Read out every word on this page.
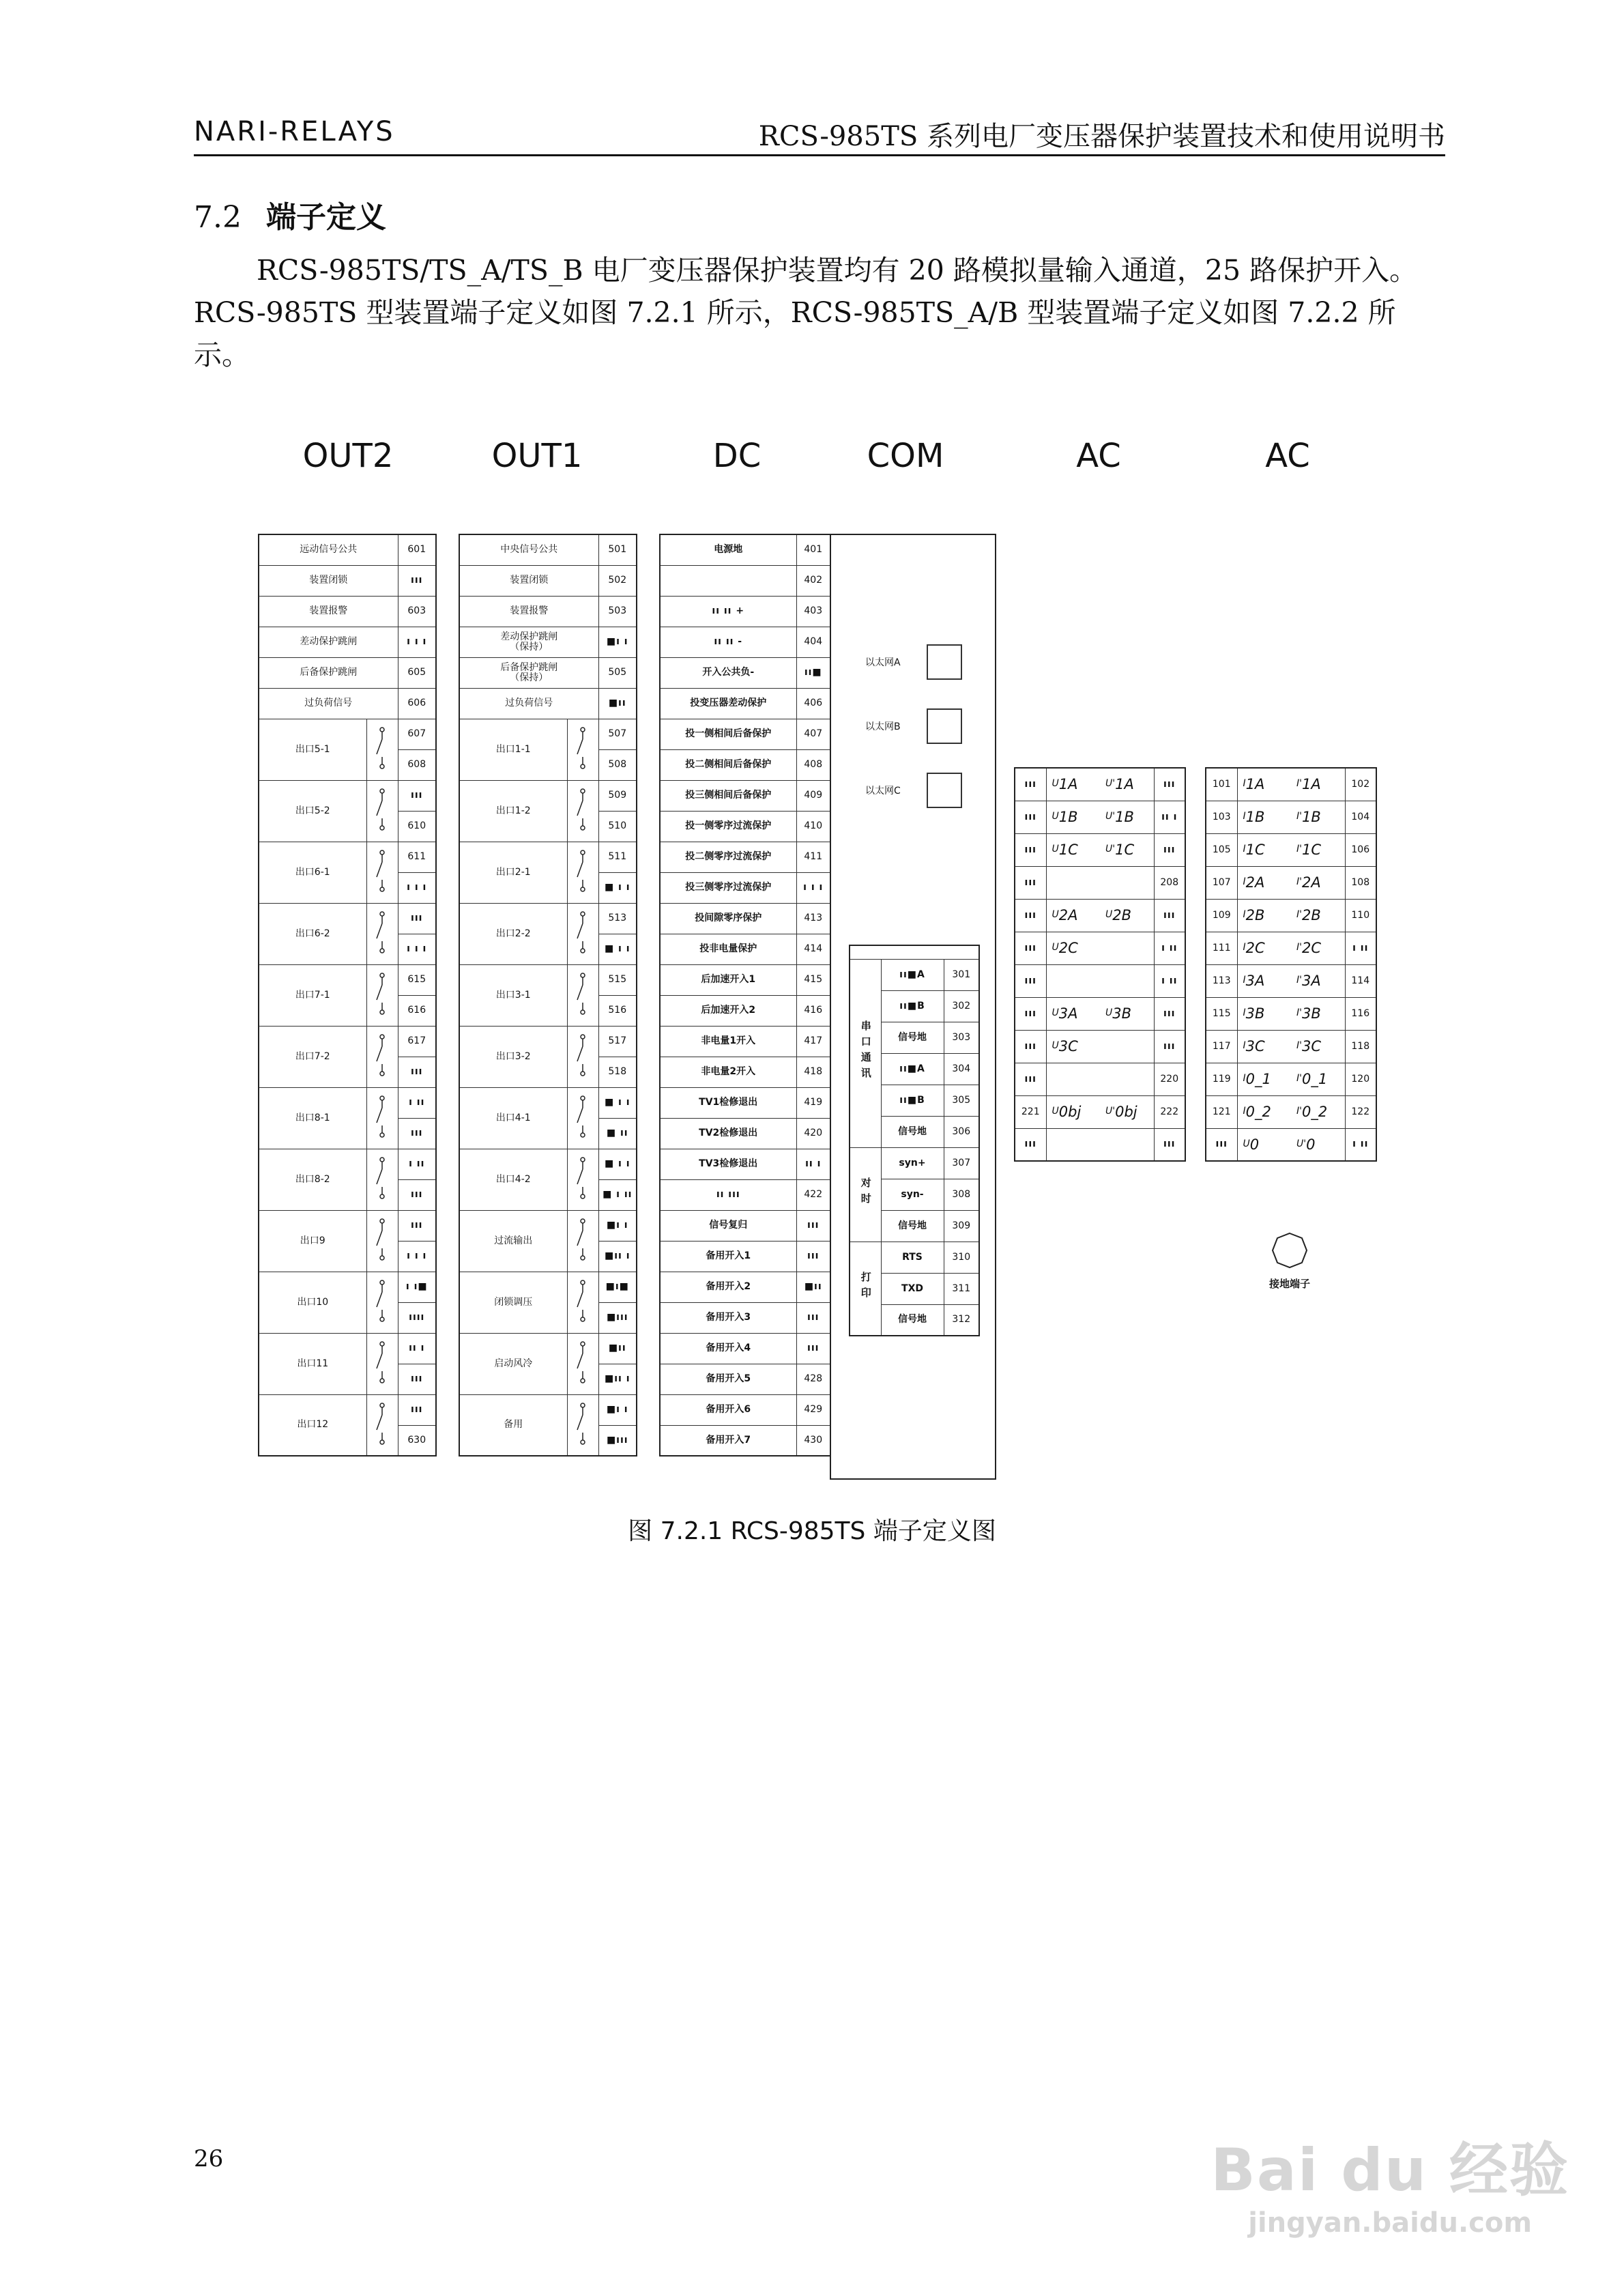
NARI-RELAYS	RCS-985TS 系列电厂变压器保护装置技术和使用说明书
7.2 端子定义

RCS-985TS/TS_A/TS_B 电厂变压器保护装置均有 20 路模拟量输入通道，25 路保护开入。RCS-985TS 型装置端子定义如图 7.2.1 所示，RCS-985TS_A/B 型装置端子定义如图 7.2.2 所示。

OUT2	OUT1	DC	COM	AC	AC
远动信号公共		601
装置闭锁		ııı
装置报警		603
差动保护跳闸		ı ı ı
后备保护跳闸		605
过负荷信号		606
出口5-1		607
		608
出口5-2		ııı
		610
出口6-1		611
		ı ı ı
出口6-2		ııı
		ı ı ı
出口7-1		615
		616
出口7-2		617
		ııı
出口8-1		ı ıı
		ııı
出口8-2		ı ıı
		ııı
出口9		ııı
		ı ı ı
出口10		ı ı■
		ıııı
出口11		ıı ı
		ııı
出口12		ııı
		630
中央信号公共		501
装置闭锁		502
装置报警		503
差动保护跳闸
（保持）		■ı ı
后备保护跳闸
（保持）		505
过负荷信号		■ıı
出口1-1		507
		508
出口1-2		509
		510
出口2-1		511
		■ ı ı
出口2-2		513
		■ ı ı
出口3-1		515
		516
出口3-2		517
		518
出口4-1		■ ı ı
		■ ıı
出口4-2		■ ı ı
		■ ı ıı
过流输出		■ı ı
		■ıı ı
闭锁调压		■ı■
		■ııı
启动风冷		■ıı
		■ıı ı
备用		■ı ı
		■ııı
电源地	401
	402
ıı ıı +	403
ıı ıı -	404
开入公共负-	ıı■
投变压器差动保护	406
投一侧相间后备保护	407
投二侧相间后备保护	408
投三侧相间后备保护	409
投一侧零序过流保护	410
投二侧零序过流保护	411
投三侧零序过流保护	ı ı ı
投间隙零序保护	413
投非电量保护	414
后加速开入1	415
后加速开入2	416
非电量1开入	417
非电量2开入	418
TV1检修退出	419
TV2检修退出	420
TV3检修退出	ıı ı
ıı ııı	422
信号复归	ııı
备用开入1	ııı
备用开入2	■ıı
备用开入3	ııı
备用开入4	ııı
备用开入5	428
备用开入6	429
备用开入7	430
以太网A
以太网B
以太网C

串口通讯	ıı■A	301
	ıı■B	302
	信号地	303
	ıı■A	304
	ıı■B	305
	信号地	306
对时	syn+	307
	syn-	308
	信号地	309
打印	RTS	310
	TXD	311
	信号地	312
ııı	$U_{1A}$	$U'_{1A}$	ııı
ııı	$U_{1B}$	$U'_{1B}$	ıı ı
ııı	$U_{1C}$	$U'_{1C}$	ııı
ııı			208
ııı	$U_{2A}$	$U_{2B}$	ııı
ııı	$U_{2C}$		ı ıı
ııı			ı ıı
ııı	$U_{3A}$	$U_{3B}$	ııı
ııı	$U_{3C}$		ııı
ııı			220
221	$U_{0bj}$	$U'_{0bj}$	222
ııı			ııı
101	$I_{1A}$	$I'_{1A}$	102
103	$I_{1B}$	$I'_{1B}$	104
105	$I_{1C}$	$I'_{1C}$	106
107	$I_{2A}$	$I'_{2A}$	108
109	$I_{2B}$	$I'_{2B}$	110
111	$I_{2C}$	$I'_{2C}$	ı ıı
113	$I_{3A}$	$I'_{3A}$	114
115	$I_{3B}$	$I'_{3B}$	116
117	$I_{3C}$	$I'_{3C}$	118
119	$I_{0\_1}$	$I'_{0\_1}$	120
121	$I_{0\_2}$	$I'_{0\_2}$	122
ııı	$U_0$	$U'_0$	ı ıı
接地端子
图 7.2.1 RCS-985TS 端子定义图
26	Bai du 经验
jingyan.baidu.com
